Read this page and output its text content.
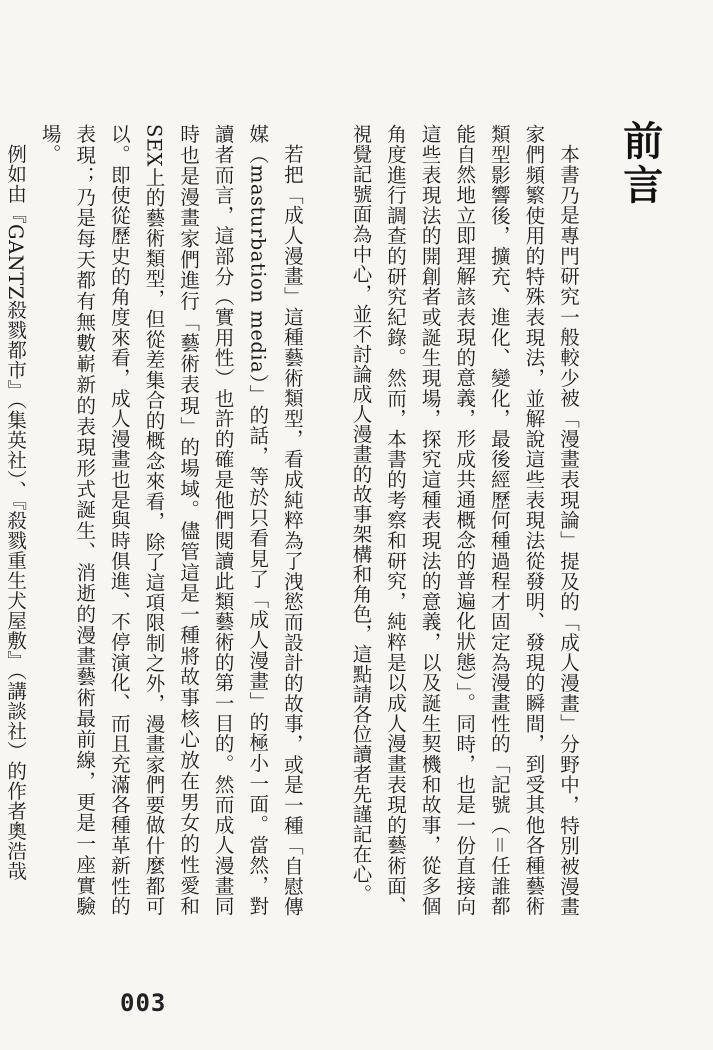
前言

本書乃是專門研究一般較少被「漫畫表現論」提及的「成人漫畫」分野中，特別被漫畫家們頻繁使用的特殊表現法，並解說這些表現法從發明、發現的瞬間，到受其他各種藝術類型影響後，擴充、進化、變化，最後經歷何種過程才固定為漫畫性的「記號（＝任誰都能自然地立即理解該表現的意義，形成共通概念的普遍化狀態）」。同時，也是一份直接向這些表現法的開創者或誕生現場，探究這種表現法的意義，以及誕生契機和故事，從多個角度進行調查的研究紀錄。然而，本書的考察和研究，純粹是以成人漫畫表現的藝術面、視覺記號面為中心，並不討論成人漫畫的故事架構和角色，這點請各位讀者先謹記在心。

若把「成人漫畫」這種藝術類型，看成純粹為了洩慾而設計的故事，或是一種「自慰傳媒（masturbation media）」的話，等於只看見了「成人漫畫」的極小一面。當然，對讀者而言，這部分（實用性）也許的確是他們閱讀此類藝術的第一目的。然而成人漫畫同時也是漫畫家們進行「藝術表現」的場域。儘管這是一種將故事核心放在男女的性愛和SEX上的藝術類型，但從差集合的概念來看，除了這項限制之外，漫畫家們要做什麼都可以。即使從歷史的角度來看，成人漫畫也是與時俱進、不停演化、而且充滿各種革新性的表現；乃是每天都有無數嶄新的表現形式誕生、消逝的漫畫藝術最前線，更是一座實驗場。

例如由『GANTZ殺戮都市』（集英社）、『殺戮重生犬屋敷』（講談社）的作者奧浩哉

003
